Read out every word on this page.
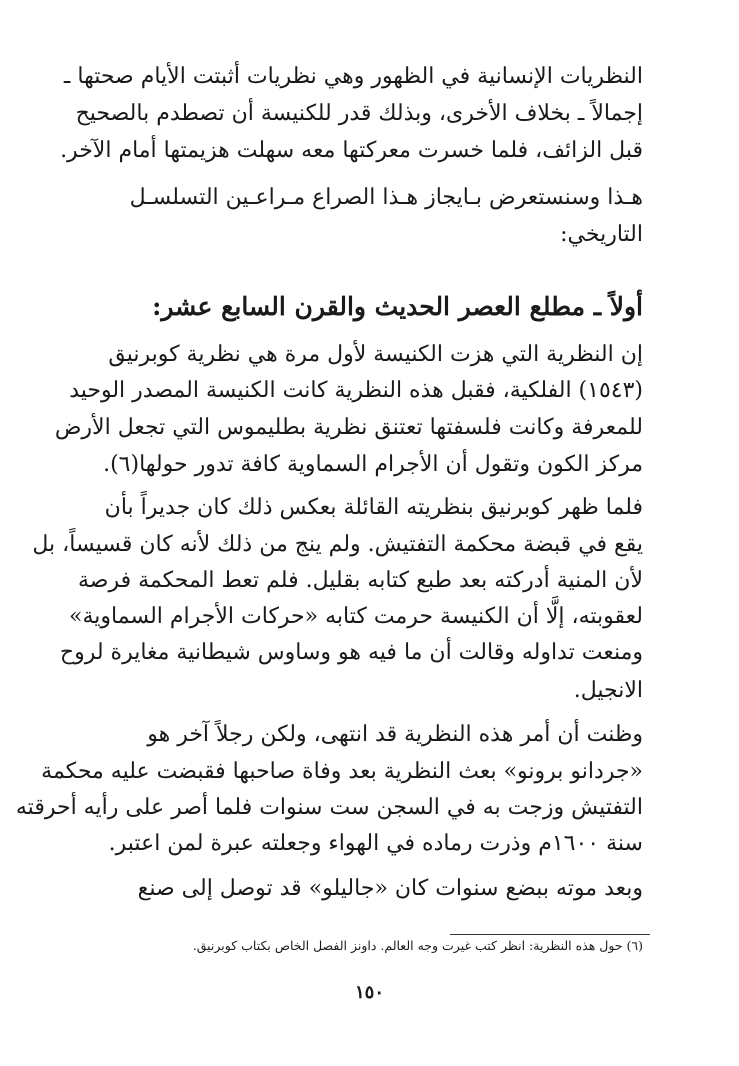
النظريات الإنسانية في الظهور وهي نظريات أثبتت الأيام صحتها ـ
إجمالاً ـ بخلاف الأخرى، وبذلك قدر للكنيسة أن تصطدم بالصحيح
قبل الزائف، فلما خسرت معركتها معه سهلت هزيمتها أمام الآخر.
هـذا وسنستعرض بـايجاز هـذا الصراع مـراعـين التسلسـل
التاريخي:
أولاً ـ مطلع العصر الحديث والقرن السابع عشر:
إن النظرية التي هزت الكنيسة لأول مرة هي نظرية كوبرنيق
(١٥٤٣) الفلكية، فقبل هذه النظرية كانت الكنيسة المصدر الوحيد
للمعرفة وكانت فلسفتها تعتنق نظرية بطليموس التي تجعل الأرض
مركز الكون وتقول أن الأجرام السماوية كافة تدور حولها(٦).
فلما ظهر كوبرنيق بنظريته القائلة بعكس ذلك كان جديراً بأن
يقع في قبضة محكمة التفتيش. ولم ينج من ذلك لأنه كان قسيساً، بل
لأن المنية أدركته بعد طبع كتابه بقليل. فلم تعط المحكمة فرصة
لعقوبته، إلَّا أن الكنيسة حرمت كتابه «حركات الأجرام السماوية»
ومنعت تداوله وقالت أن ما فيه هو وساوس شيطانية مغايرة لروح
الانجيل.
وظنت أن أمر هذه النظرية قد انتهى، ولكن رجلاً آخر هو
«جردانو برونو» بعث النظرية بعد وفاة صاحبها فقبضت عليه محكمة
التفتيش وزجت به في السجن ست سنوات فلما أصر على رأيه أحرقته
سنة ١٦٠٠م وذرت رماده في الهواء وجعلته عبرة لمن اعتبر.
وبعد موته ببضع سنوات كان «جاليلو» قد توصل إلى صنع
(٦) حول هذه النظرية: انظر كتب غيرت وجه العالم. داونز الفصل الخاص بكتاب كوبرنيق.
١٥٠
